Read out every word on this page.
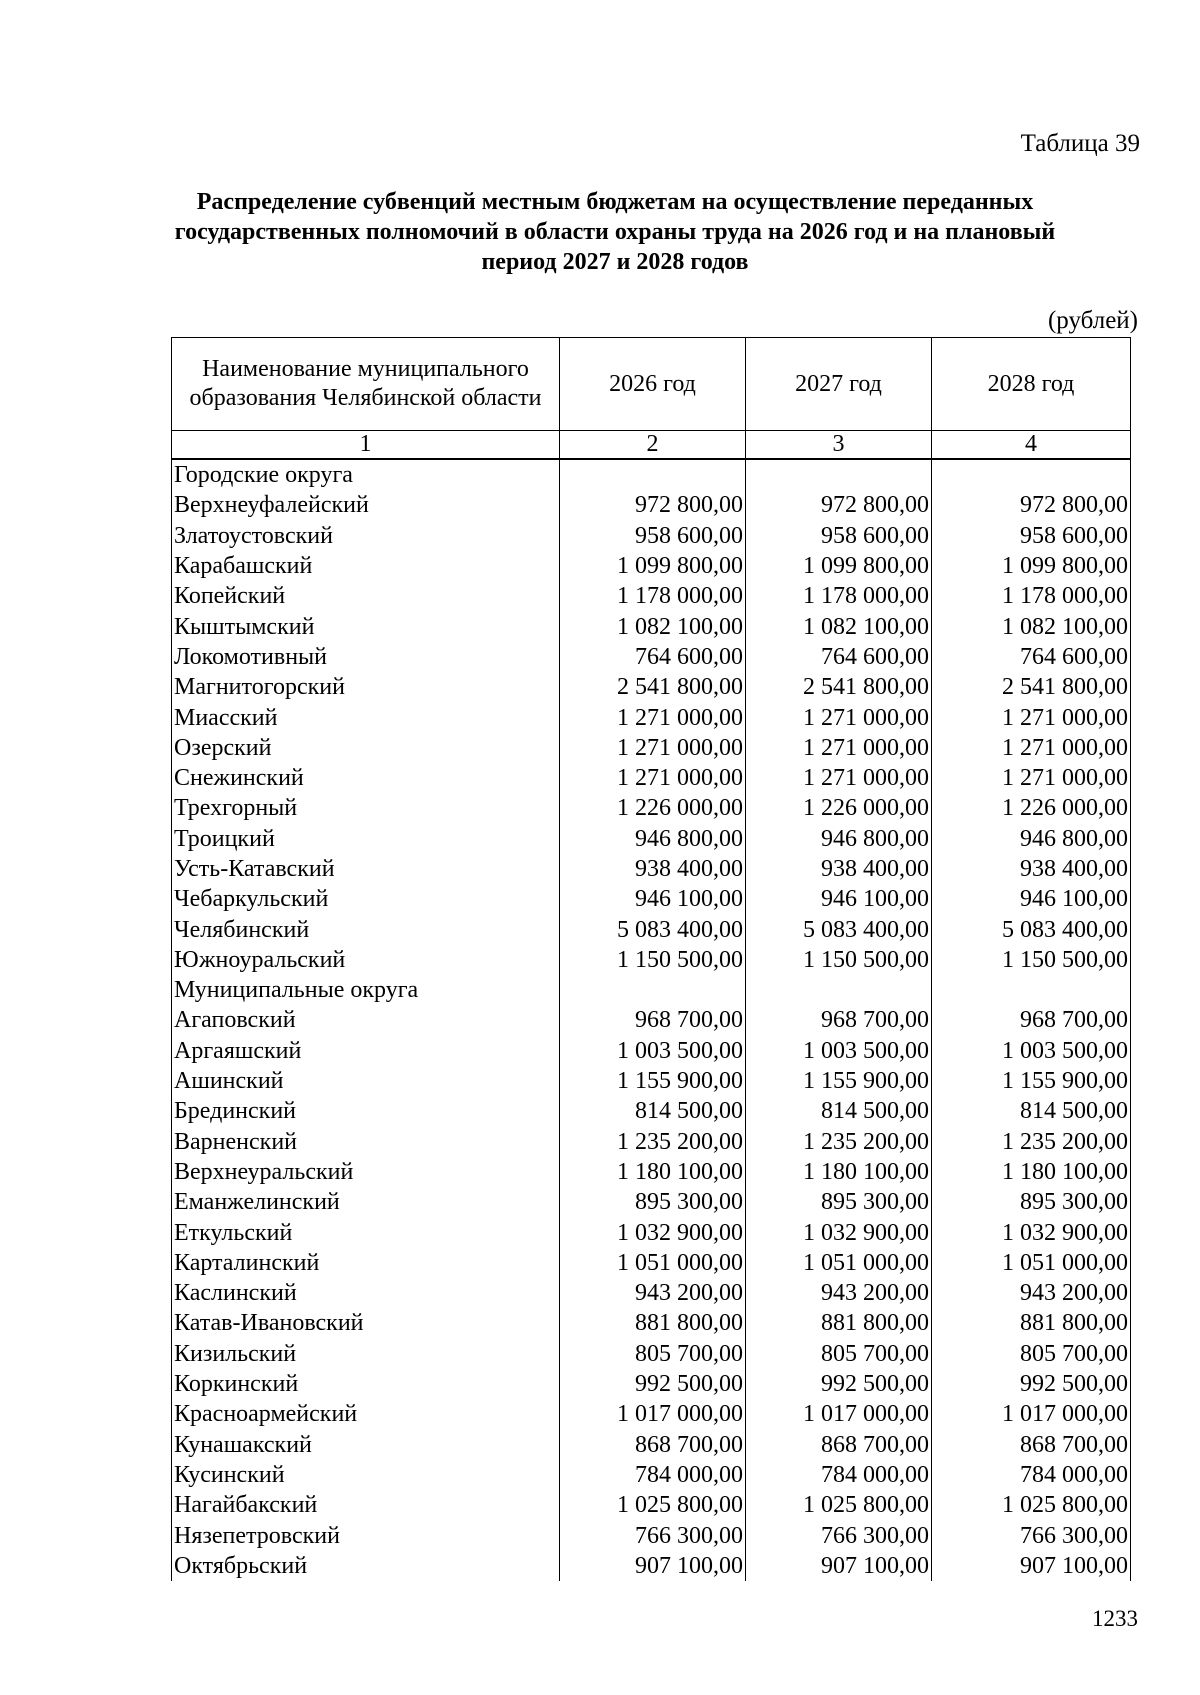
Таблица 39
Распределение субвенций местным бюджетам на осуществление переданных государственных полномочий в области охраны труда на 2026 год и на плановый период 2027 и 2028 годов
(рублей)
Наименование муниципального образования Челябинской области	2026 год	2027 год	2028 год
1	2	3	4
Городские округа			
Верхнеуфалейский	972 800,00	972 800,00	972 800,00
Златоустовский	958 600,00	958 600,00	958 600,00
Карабашский	1 099 800,00	1 099 800,00	1 099 800,00
Копейский	1 178 000,00	1 178 000,00	1 178 000,00
Кыштымский	1 082 100,00	1 082 100,00	1 082 100,00
Локомотивный	764 600,00	764 600,00	764 600,00
Магнитогорский	2 541 800,00	2 541 800,00	2 541 800,00
Миасский	1 271 000,00	1 271 000,00	1 271 000,00
Озерский	1 271 000,00	1 271 000,00	1 271 000,00
Снежинский	1 271 000,00	1 271 000,00	1 271 000,00
Трехгорный	1 226 000,00	1 226 000,00	1 226 000,00
Троицкий	946 800,00	946 800,00	946 800,00
Усть-Катавский	938 400,00	938 400,00	938 400,00
Чебаркульский	946 100,00	946 100,00	946 100,00
Челябинский	5 083 400,00	5 083 400,00	5 083 400,00
Южноуральский	1 150 500,00	1 150 500,00	1 150 500,00
Муниципальные округа			
Агаповский	968 700,00	968 700,00	968 700,00
Аргаяшский	1 003 500,00	1 003 500,00	1 003 500,00
Ашинский	1 155 900,00	1 155 900,00	1 155 900,00
Брединский	814 500,00	814 500,00	814 500,00
Варненский	1 235 200,00	1 235 200,00	1 235 200,00
Верхнеуральский	1 180 100,00	1 180 100,00	1 180 100,00
Еманжелинский	895 300,00	895 300,00	895 300,00
Еткульский	1 032 900,00	1 032 900,00	1 032 900,00
Карталинский	1 051 000,00	1 051 000,00	1 051 000,00
Каслинский	943 200,00	943 200,00	943 200,00
Катав-Ивановский	881 800,00	881 800,00	881 800,00
Кизильский	805 700,00	805 700,00	805 700,00
Коркинский	992 500,00	992 500,00	992 500,00
Красноармейский	1 017 000,00	1 017 000,00	1 017 000,00
Кунашакский	868 700,00	868 700,00	868 700,00
Кусинский	784 000,00	784 000,00	784 000,00
Нагайбакский	1 025 800,00	1 025 800,00	1 025 800,00
Нязепетровский	766 300,00	766 300,00	766 300,00
Октябрьский	907 100,00	907 100,00	907 100,00
1233
